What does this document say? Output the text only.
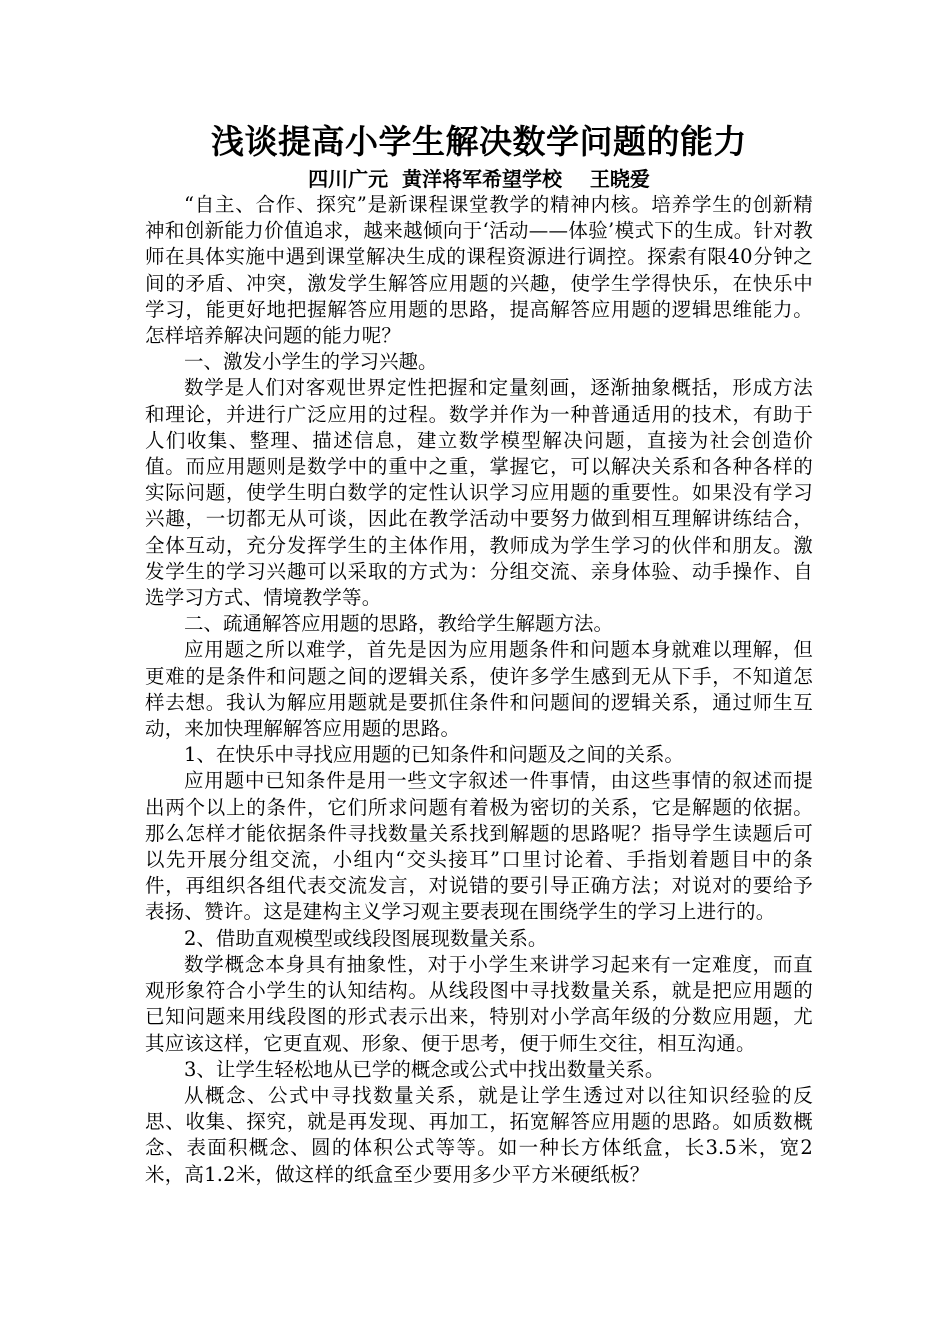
浅谈提高小学生解决数学问题的能力

四川广元  黄洋将军希望学校    王晓爱

“自主、合作、探究”是新课程课堂教学的精神内核。培养学生的创新精神和创新能力价值追求，越来越倾向于‘活动——体验’模式下的生成。针对教师在具体实施中遇到课堂解决生成的课程资源进行调控。探索有限40分钟之间的矛盾、冲突，激发学生解答应用题的兴趣，使学生学得快乐，在快乐中学习，能更好地把握解答应用题的思路，提高解答应用题的逻辑思维能力。怎样培养解决问题的能力呢？

一、激发小学生的学习兴趣。

数学是人们对客观世界定性把握和定量刻画，逐渐抽象概括，形成方法和理论，并进行广泛应用的过程。数学并作为一种普通适用的技术，有助于人们收集、整理、描述信息，建立数学模型解决问题，直接为社会创造价值。而应用题则是数学中的重中之重，掌握它，可以解决关系和各种各样的实际问题，使学生明白数学的定性认识学习应用题的重要性。如果没有学习兴趣，一切都无从可谈，因此在教学活动中要努力做到相互理解讲练结合，全体互动，充分发挥学生的主体作用，教师成为学生学习的伙伴和朋友。激发学生的学习兴趣可以采取的方式为：分组交流、亲身体验、动手操作、自选学习方式、情境教学等。

二、疏通解答应用题的思路，教给学生解题方法。

应用题之所以难学，首先是因为应用题条件和问题本身就难以理解，但更难的是条件和问题之间的逻辑关系，使许多学生感到无从下手，不知道怎样去想。我认为解应用题就是要抓住条件和问题间的逻辑关系，通过师生互动，来加快理解解答应用题的思路。

1、在快乐中寻找应用题的已知条件和问题及之间的关系。

应用题中已知条件是用一些文字叙述一件事情，由这些事情的叙述而提出两个以上的条件，它们所求问题有着极为密切的关系，它是解题的依据。那么怎样才能依据条件寻找数量关系找到解题的思路呢？指导学生读题后可以先开展分组交流，小组内“交头接耳”口里讨论着、手指划着题目中的条件，再组织各组代表交流发言，对说错的要引导正确方法；对说对的要给予表扬、赞许。这是建构主义学习观主要表现在围绕学生的学习上进行的。

2、借助直观模型或线段图展现数量关系。

数学概念本身具有抽象性，对于小学生来讲学习起来有一定难度，而直观形象符合小学生的认知结构。从线段图中寻找数量关系，就是把应用题的已知问题来用线段图的形式表示出来，特别对小学高年级的分数应用题，尤其应该这样，它更直观、形象、便于思考，便于师生交往，相互沟通。

3、让学生轻松地从已学的概念或公式中找出数量关系。

从概念、公式中寻找数量关系，就是让学生透过对以往知识经验的反思、收集、探究，就是再发现、再加工，拓宽解答应用题的思路。如质数概念、表面积概念、圆的体积公式等等。如一种长方体纸盒，长3.5米，宽2米，高1.2米，做这样的纸盒至少要用多少平方米硬纸板？
